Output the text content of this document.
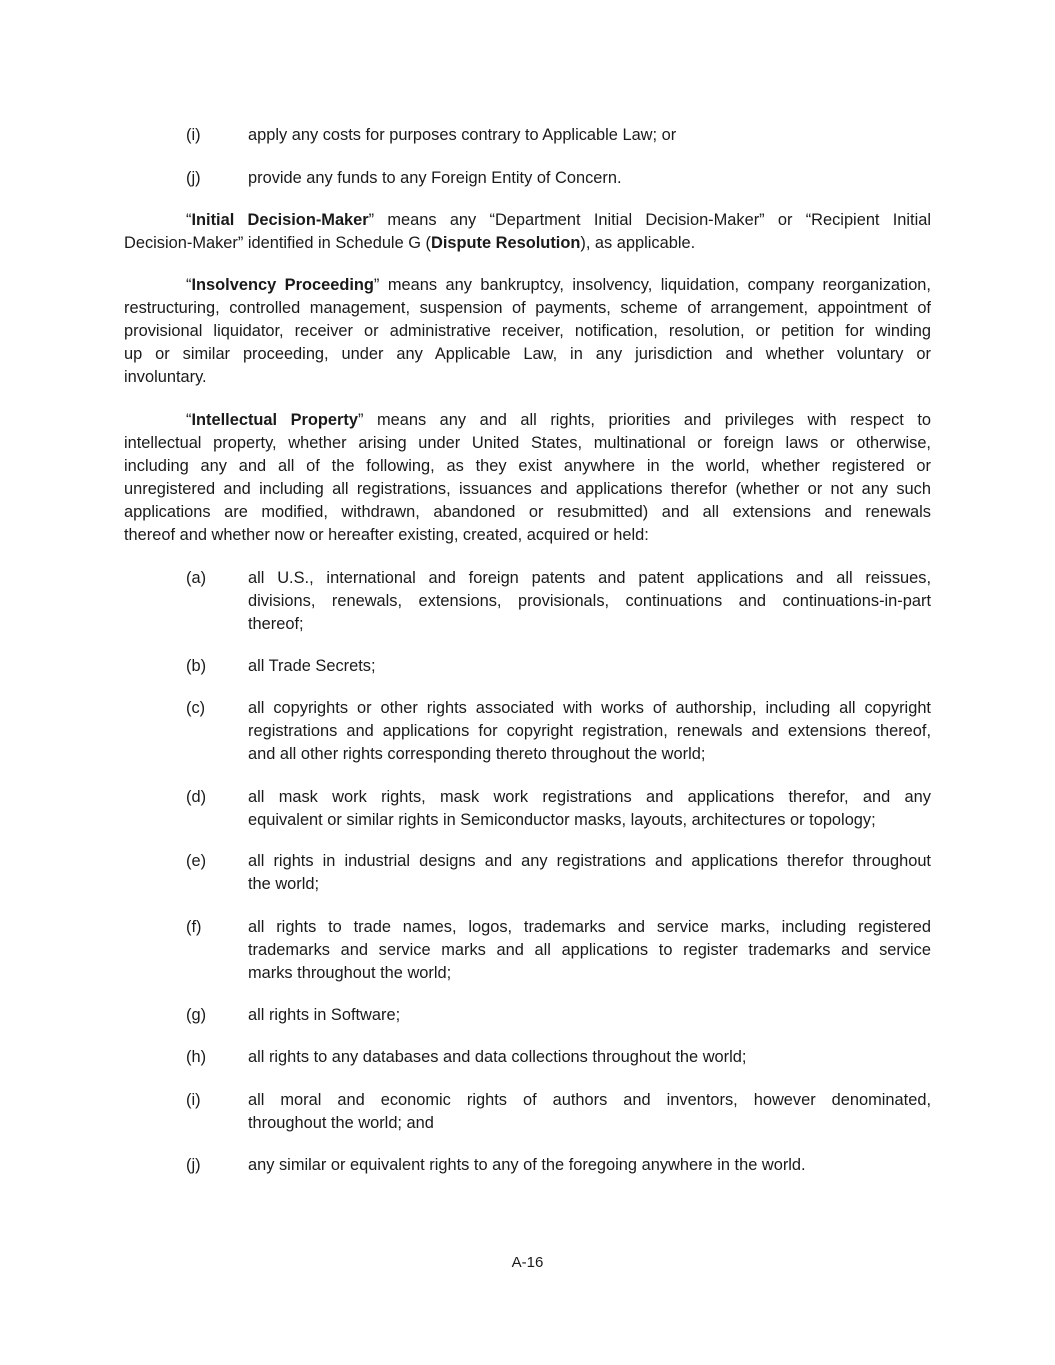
(i)	apply any costs for purposes contrary to Applicable Law; or
(j)	provide any funds to any Foreign Entity of Concern.

“Initial Decision-Maker” means any “Department Initial Decision-Maker” or “Recipient Initial
Decision-Maker” identified in Schedule G (Dispute Resolution), as applicable.

“Insolvency Proceeding” means any bankruptcy, insolvency, liquidation, company reorganization,
restructuring, controlled management, suspension of payments, scheme of arrangement, appointment of
provisional liquidator, receiver or administrative receiver, notification, resolution, or petition for winding
up or similar proceeding, under any Applicable Law, in any jurisdiction and whether voluntary or
involuntary.

“Intellectual Property” means any and all rights, priorities and privileges with respect to
intellectual property, whether arising under United States, multinational or foreign laws or otherwise,
including any and all of the following, as they exist anywhere in the world, whether registered or
unregistered and including all registrations, issuances and applications therefor (whether or not any such
applications are modified, withdrawn, abandoned or resubmitted) and all extensions and renewals
thereof and whether now or hereafter existing, created, acquired or held:

(a)	all U.S., international and foreign patents and patent applications and all reissues,
divisions, renewals, extensions, provisionals, continuations and continuations-in-part
thereof;
(b)	all Trade Secrets;
(c)	all copyrights or other rights associated with works of authorship, including all copyright
registrations and applications for copyright registration, renewals and extensions thereof,
and all other rights corresponding thereto throughout the world;
(d)	all mask work rights, mask work registrations and applications therefor, and any
equivalent or similar rights in Semiconductor masks, layouts, architectures or topology;
(e)	all rights in industrial designs and any registrations and applications therefor throughout
the world;
(f)	all rights to trade names, logos, trademarks and service marks, including registered
trademarks and service marks and all applications to register trademarks and service
marks throughout the world;
(g)	all rights in Software;
(h)	all rights to any databases and data collections throughout the world;
(i)	all moral and economic rights of authors and inventors, however denominated,
throughout the world; and
(j)	any similar or equivalent rights to any of the foregoing anywhere in the world.
A-16
